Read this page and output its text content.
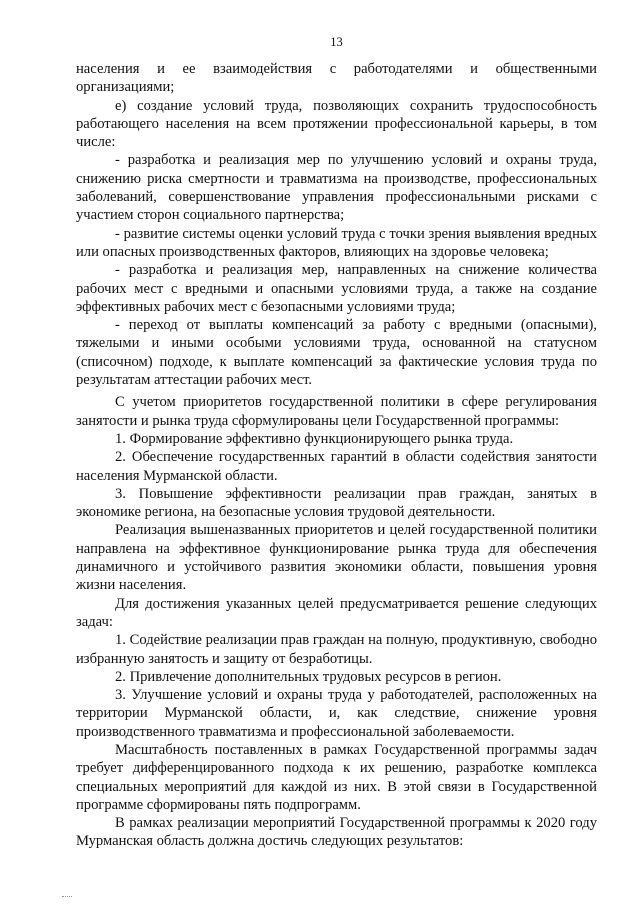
13

населения и ее взаимодействия с работодателями и общественными организациями;

е) создание условий труда, позволяющих сохранить трудоспособность работающего населения на всем протяжении профессиональной карьеры, в том числе:

- разработка и реализация мер по улучшению условий и охраны труда, снижению риска смертности и травматизма на производстве, профессиональных заболеваний, совершенствование управления профессиональными рисками с участием сторон социального партнерства;

- развитие системы оценки условий труда с точки зрения выявления вредных или опасных производственных факторов, влияющих на здоровье человека;

- разработка и реализация мер, направленных на снижение количества рабочих мест с вредными и опасными условиями труда, а также на создание эффективных рабочих мест с безопасными условиями труда;

- переход от выплаты компенсаций за работу с вредными (опасными), тяжелыми и иными особыми условиями труда, основанной на статусном (списочном) подходе, к выплате компенсаций за фактические условия труда по результатам аттестации рабочих мест.

С учетом приоритетов государственной политики в сфере регулирования занятости и рынка труда сформулированы цели Государственной программы:

1. Формирование эффективно функционирующего рынка труда.

2. Обеспечение государственных гарантий в области содействия занятости населения Мурманской области.

3. Повышение эффективности реализации прав граждан, занятых в экономике региона, на безопасные условия трудовой деятельности.

Реализация вышеназванных приоритетов и целей государственной политики направлена на эффективное функционирование рынка труда для обеспечения динамичного и устойчивого развития экономики области, повышения уровня жизни населения.

Для достижения указанных целей предусматривается решение следующих задач:

1. Содействие реализации прав граждан на полную, продуктивную, свободно избранную занятость и защиту от безработицы.

2. Привлечение дополнительных трудовых ресурсов в регион.

3. Улучшение условий и охраны труда у работодателей, расположенных на территории Мурманской области, и, как следствие, снижение уровня производственного травматизма и профессиональной заболеваемости.

Масштабность поставленных в рамках Государственной программы задач требует дифференцированного подхода к их решению, разработке комплекса специальных мероприятий для каждой из них. В этой связи в Государственной программе сформированы пять подпрограмм.

В рамках реализации мероприятий Государственной программы к 2020 году Мурманская область должна достичь следующих результатов:
